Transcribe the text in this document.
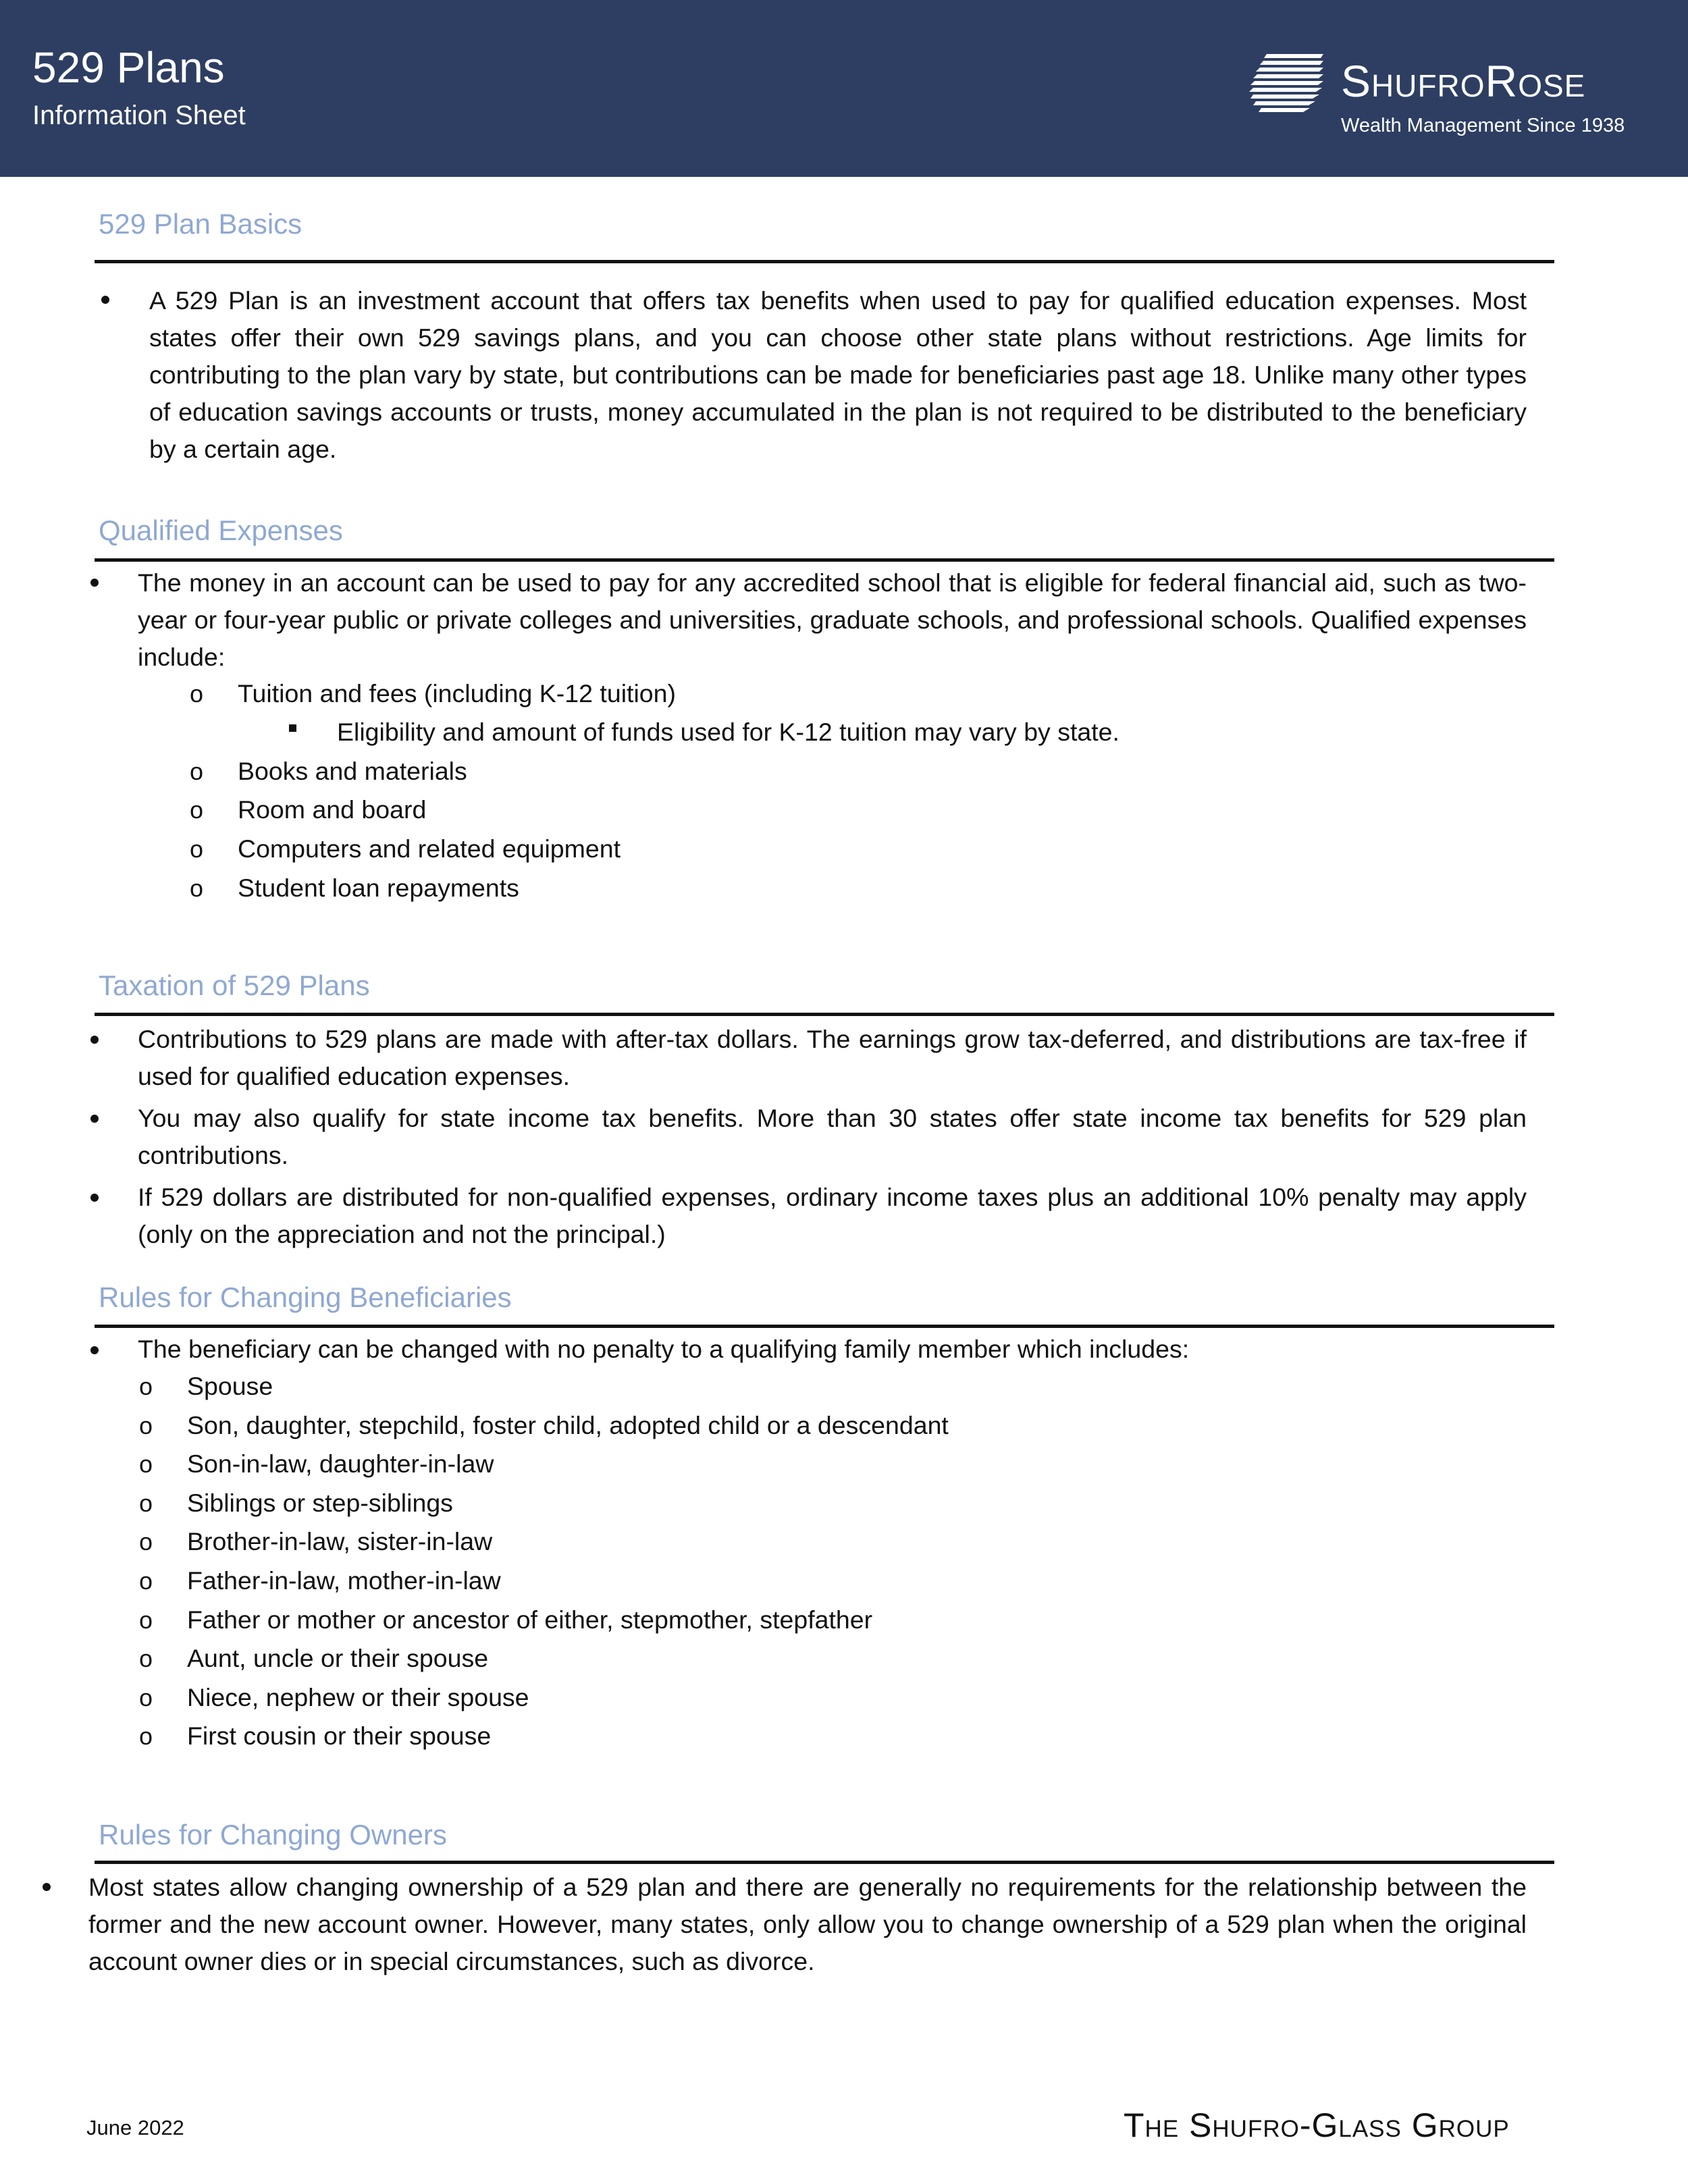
529 Plans
Information Sheet
ShufroRose
Wealth Management Since 1938
529 Plan Basics
A 529 Plan is an investment account that offers tax benefits when used to pay for qualified education expenses. Most states offer their own 529 savings plans, and you can choose other state plans without restrictions. Age limits for contributing to the plan vary by state, but contributions can be made for beneficiaries past age 18. Unlike many other types of education savings accounts or trusts, money accumulated in the plan is not required to be distributed to the beneficiary by a certain age.
Qualified Expenses
The money in an account can be used to pay for any accredited school that is eligible for federal financial aid, such as two-year or four-year public or private colleges and universities, graduate schools, and professional schools. Qualified expenses include:
o Tuition and fees (including K-12 tuition)
Eligibility and amount of funds used for K-12 tuition may vary by state.
o Books and materials
o Room and board
o Computers and related equipment
o Student loan repayments
Taxation of 529 Plans
Contributions to 529 plans are made with after-tax dollars. The earnings grow tax-deferred, and distributions are tax-free if used for qualified education expenses.
You may also qualify for state income tax benefits. More than 30 states offer state income tax benefits for 529 plan contributions.
If 529 dollars are distributed for non-qualified expenses, ordinary income taxes plus an additional 10% penalty may apply (only on the appreciation and not the principal.)
Rules for Changing Beneficiaries
The beneficiary can be changed with no penalty to a qualifying family member which includes:
o Spouse
o Son, daughter, stepchild, foster child, adopted child or a descendant
o Son-in-law, daughter-in-law
o Siblings or step-siblings
o Brother-in-law, sister-in-law
o Father-in-law, mother-in-law
o Father or mother or ancestor of either, stepmother, stepfather
o Aunt, uncle or their spouse
o Niece, nephew or their spouse
o First cousin or their spouse
Rules for Changing Owners
Most states allow changing ownership of a 529 plan and there are generally no requirements for the relationship between the former and the new account owner. However, many states, only allow you to change ownership of a 529 plan when the original account owner dies or in special circumstances, such as divorce.
June 2022	The Shufro-Glass Group
